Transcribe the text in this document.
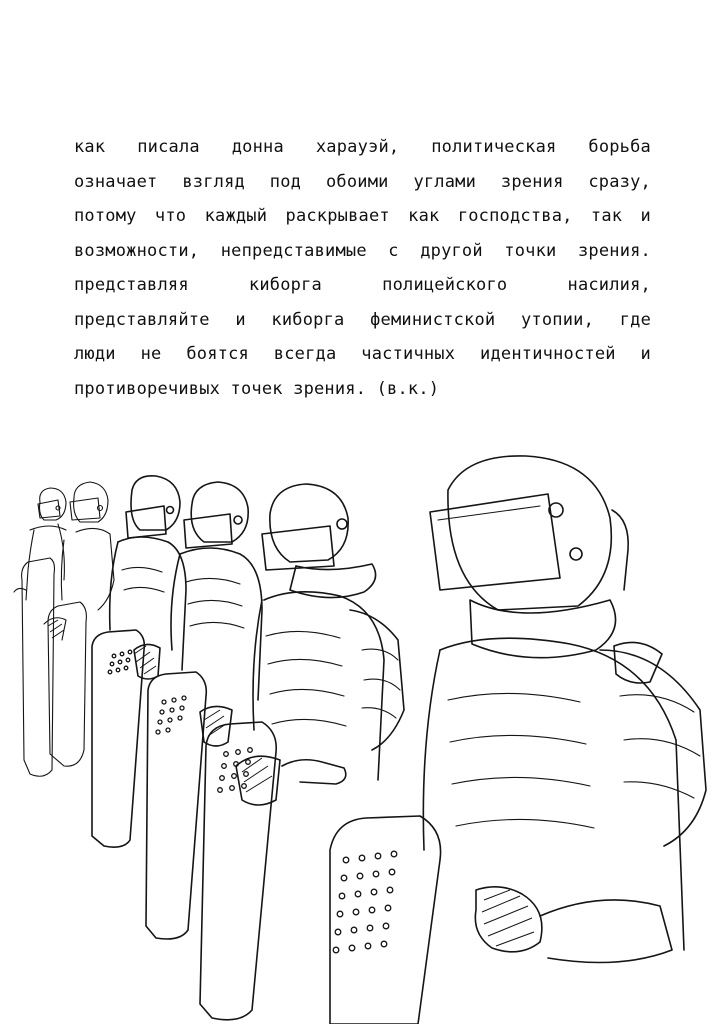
как писала донна харауэй, политическая борьба
означает взгляд под обоими углами зрения сразу,
потому что каждый раскрывает как господства, так и
возможности, непредставимые с другой точки зрения.
представляя киборга полицейского насилия,
представляйте и киборга феминистской утопии, где
люди не боятся всегда частичных идентичностей и
противоречивых точек зрения. (в.к.)
